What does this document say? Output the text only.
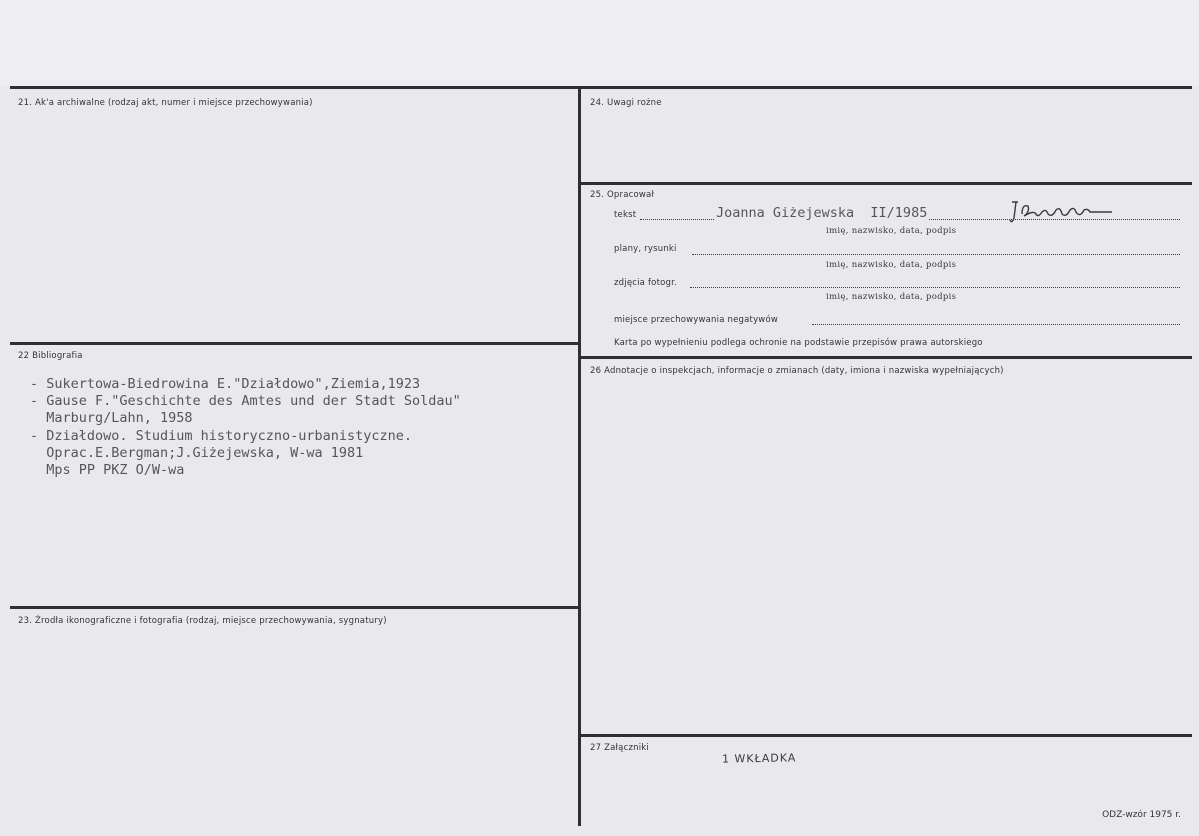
21. Ak'a archiwalne (rodzaj akt, numer i miejsce przechowywania)
22 Bibliografia
- Sukertowa-Biedrowina E."Działdowo",Ziemia,1923
- Gause F."Geschichte des Amtes und der Stadt Soldau"
Marburg/Lahn, 1958
- Działdowo. Studium historyczno-urbanistyczne.
Oprac.E.Bergman;J.Giżejewska, W-wa 1981
Mps PP PKZ O/W-wa
23. Źrodła ikonograficzne i fotografia (rodzaj, miejsce przechowywania, sygnatury)
24. Uwagi rożne
25. Opracował
tekst	Joanna Giżejewska  II/1985
imię, nazwisko, data, podpis
plany, rysunki
imię, nazwisko, data, podpis
zdjęcia fotogr.
imię, nazwisko, data, podpis
miejsce przechowywania negatywów
Karta po wypełnieniu podlega ochronie na podstawie przepisów prawa autorskiego
26 Adnotacje o inspekcjach, informacje o zmianach (daty, imiona i nazwiska wypełniających)
27 Załączniki
1 WKŁADKA
ODZ-wzór 1975 r.
